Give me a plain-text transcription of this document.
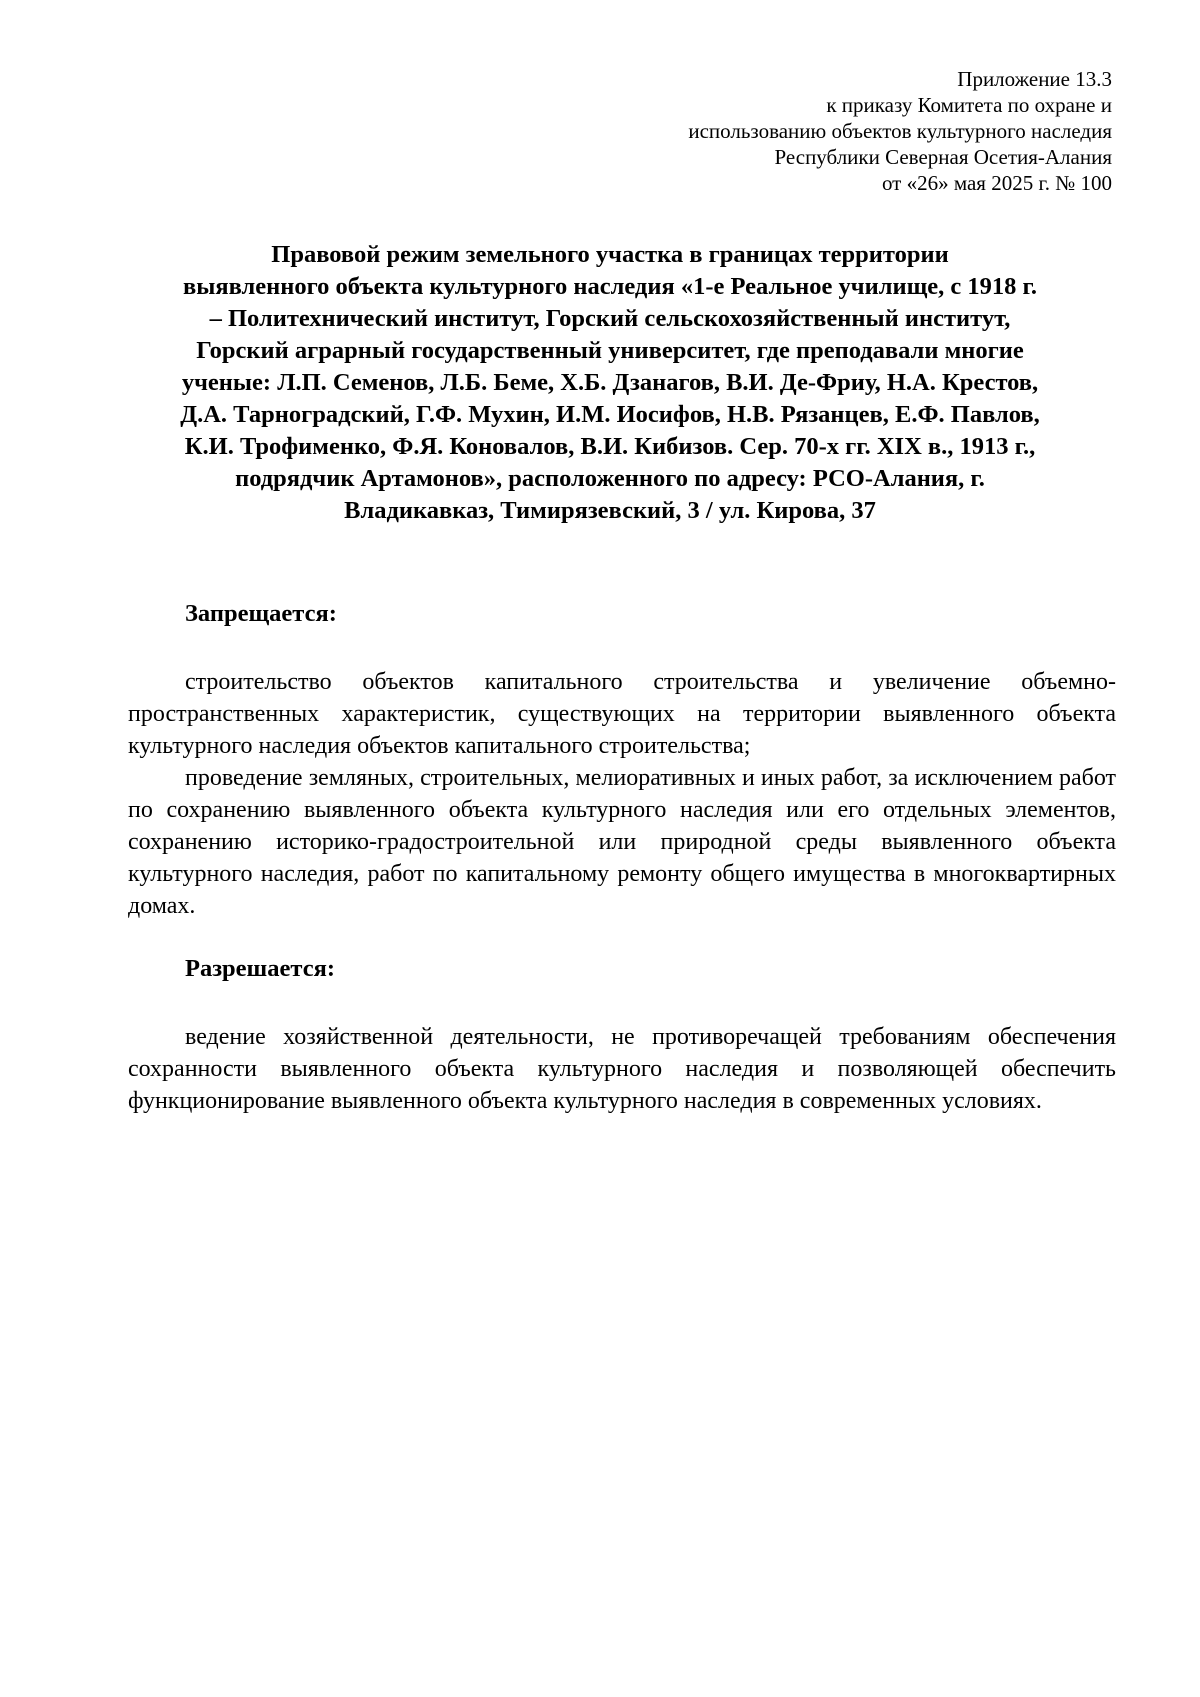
Приложение 13.3
к приказу Комитета по охране и
использованию объектов культурного наследия
Республики Северная Осетия-Алания
от «26» мая 2025 г. № 100
Правовой режим земельного участка в границах территории
выявленного объекта культурного наследия «1-е Реальное училище, с 1918 г.
– Политехнический институт, Горский сельскохозяйственный институт,
Горский аграрный государственный университет, где преподавали многие
ученые: Л.П. Семенов, Л.Б. Беме, Х.Б. Дзанагов, В.И. Де-Фриу, Н.А. Крестов,
Д.А. Тарноградский, Г.Ф. Мухин, И.М. Иосифов, Н.В. Рязанцев, Е.Ф. Павлов,
К.И. Трофименко, Ф.Я. Коновалов, В.И. Кибизов. Сер. 70-х гг. XIX в., 1913 г.,
подрядчик Артамонов», расположенного по адресу: РСО-Алания, г.
Владикавказ, Тимирязевский, 3 / ул. Кирова, 37
Запрещается:
строительство объектов капитального строительства и увеличение объемно-пространственных характеристик, существующих на территории выявленного объекта культурного наследия объектов капитального строительства;
проведение земляных, строительных, мелиоративных и иных работ, за исключением работ по сохранению выявленного объекта культурного наследия или его отдельных элементов, сохранению историко-градостроительной или природной среды выявленного объекта культурного наследия, работ по капитальному ремонту общего имущества в многоквартирных домах.
Разрешается:
ведение хозяйственной деятельности, не противоречащей требованиям обеспечения сохранности выявленного объекта культурного наследия и позволяющей обеспечить функционирование выявленного объекта культурного наследия в современных условиях.
